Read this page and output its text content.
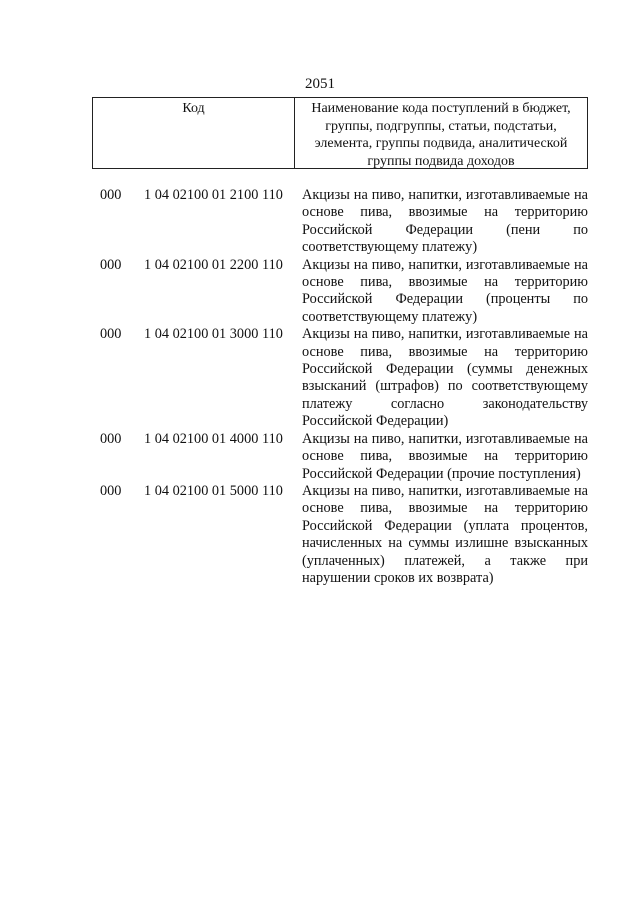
2051
Код	Наименование кода поступлений в бюджет, группы, подгруппы, статьи, подстатьи, элемента, группы подвида, аналитической группы подвида доходов
000	1 04 02100 01 2100 110	Акцизы на пиво, напитки, изготавливаемые на основе пива, ввозимые на территорию Российской Федерации (пени по соответствующему платежу)
000	1 04 02100 01 2200 110	Акцизы на пиво, напитки, изготавливаемые на основе пива, ввозимые на территорию Российской Федерации (проценты по соответствующему платежу)
000	1 04 02100 01 3000 110	Акцизы на пиво, напитки, изготавливаемые на основе пива, ввозимые на территорию Российской Федерации (суммы денежных взысканий (штрафов) по соответствующему платежу согласно законодательству Российской Федерации)
000	1 04 02100 01 4000 110	Акцизы на пиво, напитки, изготавливаемые на основе пива, ввозимые на территорию Российской Федерации (прочие поступления)
000	1 04 02100 01 5000 110	Акцизы на пиво, напитки, изготавливаемые на основе пива, ввозимые на территорию Российской Федерации (уплата процентов, начисленных на суммы излишне взысканных (уплаченных) платежей, а также при нарушении сроков их возврата)
